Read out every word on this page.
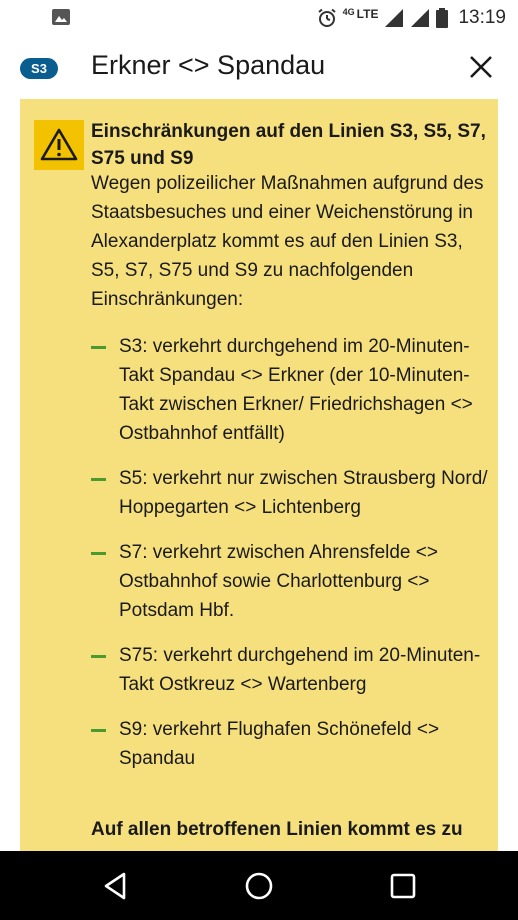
4G LTE	13:19
S3	Erkner <> Spandau
Einschränkungen auf den Linien S3, S5, S7, S75 und S9
Wegen polizeilicher Maßnahmen aufgrund des Staatsbesuches und einer Weichenstörung in Alexanderplatz kommt es auf den Linien S3, S5, S7, S75 und S9 zu nachfolgenden Einschränkungen:
S3: verkehrt durchgehend im 20-Minuten-Takt Spandau <> Erkner (der 10-Minuten-Takt zwischen Erkner/ Friedrichshagen <> Ostbahnhof entfällt)
S5: verkehrt nur zwischen Strausberg Nord/ Hoppegarten <> Lichtenberg
S7: verkehrt zwischen Ahrensfelde <> Ostbahnhof sowie Charlottenburg <> Potsdam Hbf.
S75: verkehrt durchgehend im 20-Minuten-Takt Ostkreuz <> Wartenberg
S9: verkehrt Flughafen Schönefeld <> Spandau
Auf allen betroffenen Linien kommt es zu
